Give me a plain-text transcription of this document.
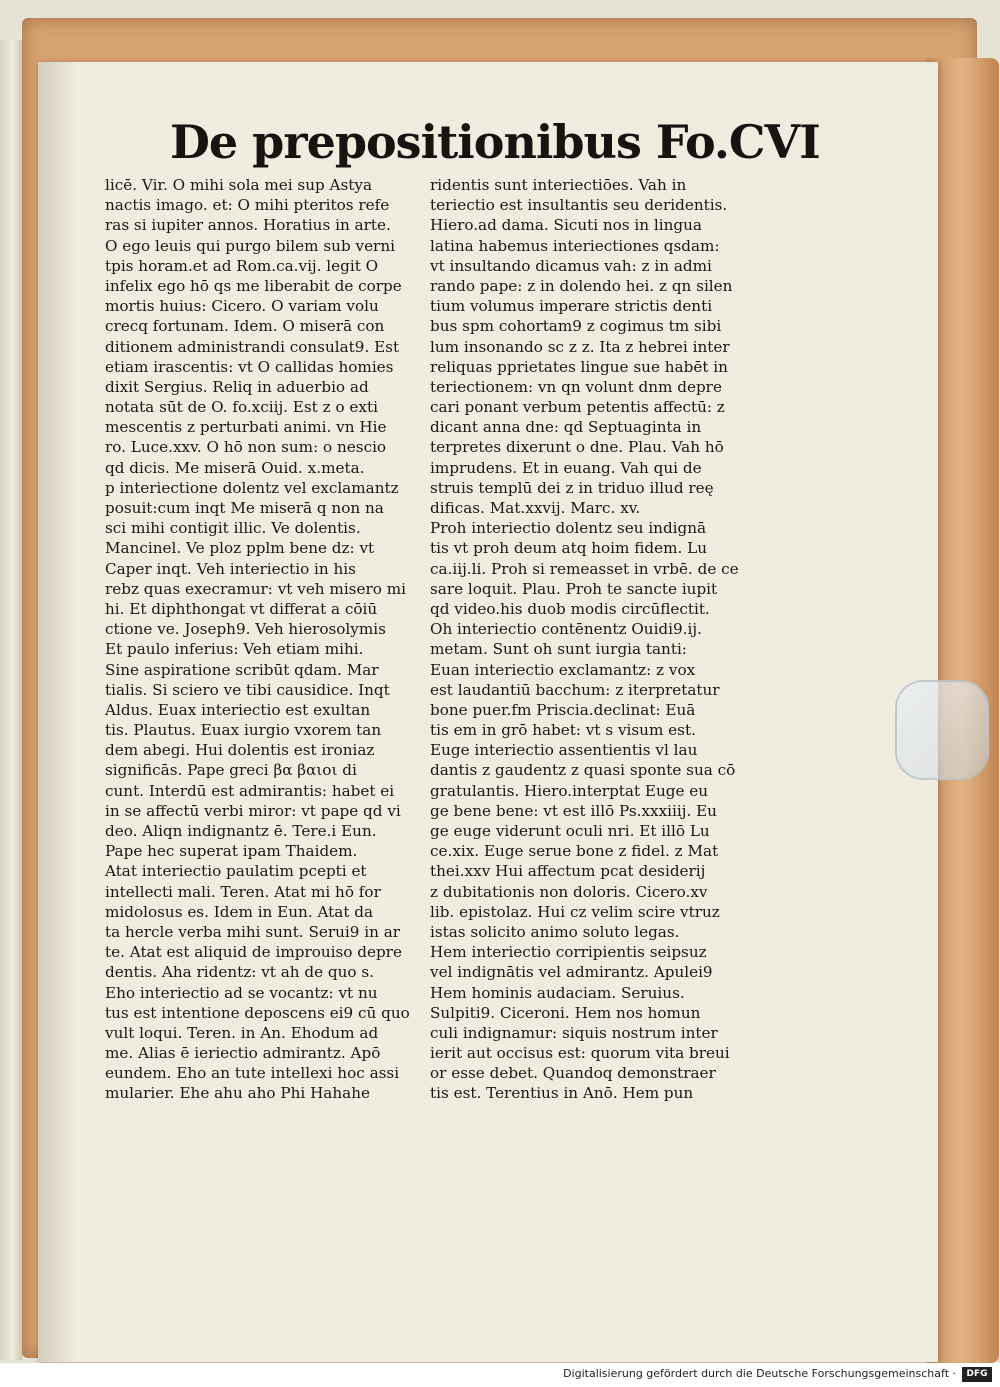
De prepositionibus Fo.CVI
licē. Vir. O mihi sola mei sup Astya
nactis imago. et: O mihi pteritos refe
ras si iupiter annos. Horatius in arte.
O ego leuis qui purgo bilem sub verni
tpis horam.et ad Rom.ca.vij. legit O
infelix ego hō qs me liberabit de corpe
mortis huius: Cicero. O variam volu
crecq fortunam. Idem. O miserā con
ditionem administrandi consulat9. Est
etiam irascentis: vt O callidas homies
dixit Sergius. Reliq in aduerbio ad
notata sūt de O. fo.xciij. Est z o exti
mescentis z perturbati animi. vn Hie
ro. Luce.xxv. O hō non sum: o nescio
qd dicis. Me miserā Ouid. x.meta.
p interiectione dolentz vel exclamantz
posuit:cum inqt Me miserā q non na
sci mihi contigit illic. Ve dolentis.
Mancinel. Ve ploz pplm bene dz: vt
Caper inqt. Veh interiectio in his
rebz quas execramur: vt veh misero mi
hi. Et diphthongat vt differat a cōiū
ctione ve. Joseph9. Veh hierosolymis
Et paulo inferius: Veh etiam mihi.
Sine aspiratione scribūt qdam. Mar
tialis. Si sciero ve tibi causidice. Inqt
Aldus. Euax interiectio est exultan
tis. Plautus. Euax iurgio vxorem tan
dem abegi. Hui dolentis est ironiaz
significās. Pape greci βα βαιοι di
cunt. Interdū est admirantis: habet ei
in se affectū verbi miror: vt pape qd vi
deo. Aliqn indignantz ē. Tere.i Eun.
Pape hec superat ipam Thaidem.
Atat interiectio paulatim pcepti et
intellecti mali. Teren. Atat mi hō for
midolosus es. Idem in Eun. Atat da
ta hercle verba mihi sunt. Serui9 in ar
te. Atat est aliquid de improuiso depre
dentis. Aha ridentz: vt ah de quo s.
Eho interiectio ad se vocantz: vt nu
tus est intentione deposcens ei9 cū quo
vult loqui. Teren. in An. Ehodum ad
me. Alias ē ieriectio admirantz. Apō
eundem. Eho an tute intellexi hoc assi
mularier. Ehe ahu aho Phi Hahahe
ridentis sunt interiectiōes. Vah in
teriectio est insultantis seu deridentis.
Hiero.ad dama. Sicuti nos in lingua
latina habemus interiectiones qsdam:
vt insultando dicamus vah: z in admi
rando pape: z in dolendo hei. z qn silen
tium volumus imperare strictis denti
bus spm cohortam9 z cogimus tm sibi
lum insonando sc z z. Ita z hebrei inter
reliquas pprietates lingue sue habēt in
teriectionem: vn qn volunt dnm depre
cari ponant verbum petentis affectū: z
dicant anna dne: qd Septuaginta in
terpretes dixerunt o dne. Plau. Vah hō
imprudens. Et in euang. Vah qui de
struis templū dei z in triduo illud reę
dificas. Mat.xxvij. Marc. xv.
Proh interiectio dolentz seu indignā
tis vt proh deum atq hoim fidem. Lu
ca.iij.li. Proh si remeasset in vrbē. de ce
sare loquit. Plau. Proh te sancte iupit
qd video.his duob modis circūflectit.
Oh interiectio contēnentz Ouidi9.ij.
metam. Sunt oh sunt iurgia tanti:
Euan interiectio exclamantz: z vox
est laudantiū bacchum: z iterpretatur
bone puer.fm Priscia.declinat: Euā
tis em in grō habet: vt s visum est.
Euge interiectio assentientis vl lau
dantis z gaudentz z quasi sponte sua cō
gratulantis. Hiero.interptat Euge eu
ge bene bene: vt est illō Ps.xxxiiij. Eu
ge euge viderunt oculi nri. Et illō Lu
ce.xix. Euge serue bone z fidel. z Mat
thei.xxv Hui affectum pcat desiderij
z dubitationis non doloris. Cicero.xv
lib. epistolaz. Hui cz velim scire vtruz
istas solicito animo soluto legas.
Hem interiectio corripientis seipsuz
vel indignātis vel admirantz. Apulei9
Hem hominis audaciam. Seruius.
Sulpiti9. Ciceroni. Hem nos homun
culi indignamur: siquis nostrum inter
ierit aut occisus est: quorum vita breui
or esse debet. Quandoq demonstraer
tis est. Terentius in Anō. Hem pun
Digitalisierung gefördert durch die Deutsche Forschungsgemeinschaft ·	DFG
